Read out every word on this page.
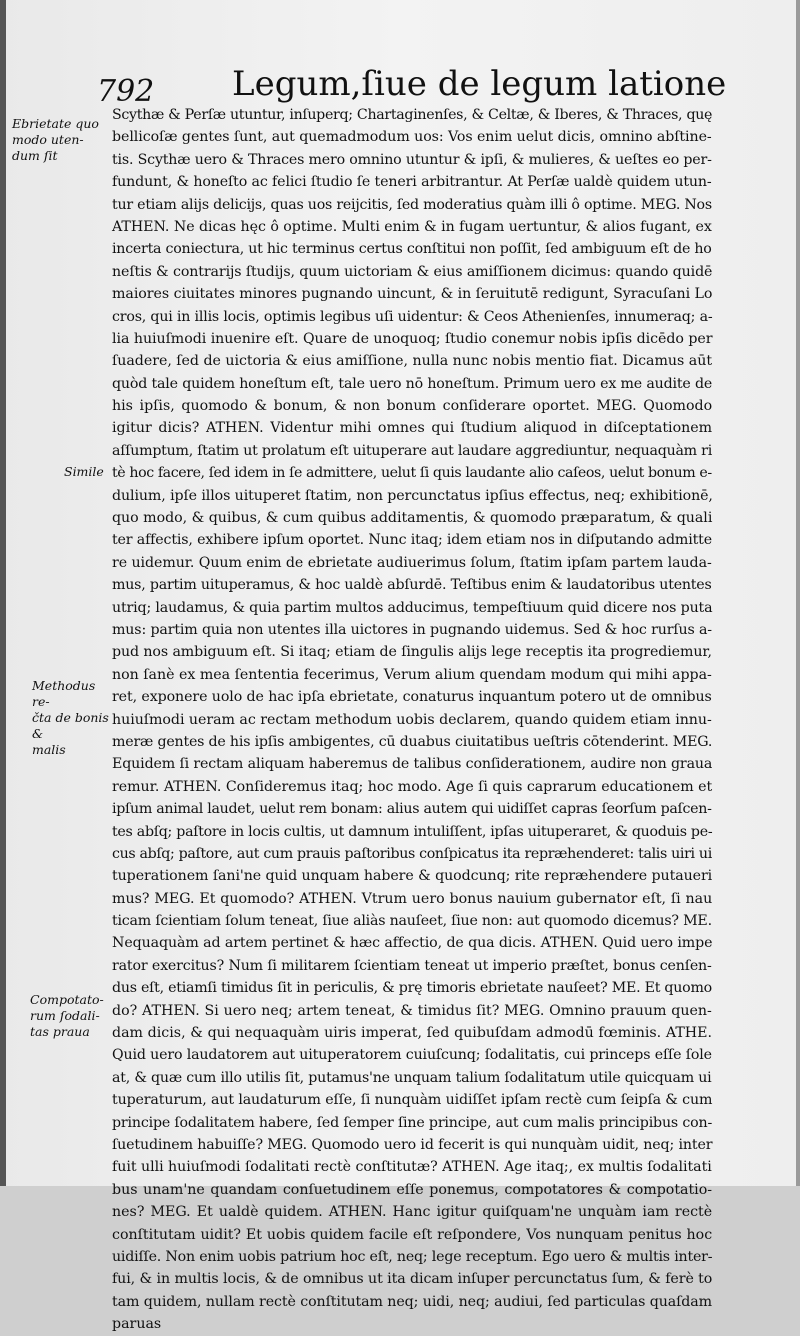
792 Legum,ſiue de legum latione
Ebrietate quo
modo uten-
dum ſit
Simile
Methodus re-
čta de bonis &
malis
Compotato-
rum ſodali-
tas praua
Scythæ & Perſæ utuntur, inſuperq; Chartaginenſes, & Celtæ, & Iberes, & Thraces, quę
bellicoſæ gentes ſunt, aut quemadmodum uos: Vos enim uelut dicis, omnino abſtine-
tis. Scythæ uero & Thraces mero omnino utuntur & ipſi, & mulieres, & ueſtes eo per-
fundunt, & honeſto ac felici ſtudio ſe teneri arbitrantur. At Perſæ ualdè quidem utun-
tur etiam alijs delicijs, quas uos reijcitis, ſed moderatius quàm illi ô optime. MEG. Nos
ATHEN. Ne dicas hęc ô optime. Multi enim & in fugam uertuntur, & alios fugant, ex
incerta coniectura, ut hic terminus certus conſtitui non poſſit, ſed ambiguum eſt de ho
neſtis & contrarijs ſtudijs, quum uictoriam & eius amiſſionem dicimus: quando quidē
maiores ciuitates minores pugnando uincunt, & in ſeruitutē redigunt, Syracuſani Lo
cros, qui in illis locis, optimis legibus uſi uidentur: & Ceos Athenienſes, innumeraq; a-
lia huiuſmodi inuenire eſt. Quare de unoquoq; ſtudio conemur nobis ipſis dicēdo per
ſuadere, ſed de uictoria & eius amiſſione, nulla nunc nobis mentio fiat. Dicamus aūt
quòd tale quidem honeſtum eſt, tale uero nō honeſtum. Primum uero ex me audite de
his ipſis, quomodo & bonum, & non bonum conſiderare oportet. MEG. Quomodo
igitur dicis? ATHEN. Videntur mihi omnes qui ſtudium aliquod in diſceptationem
aſſumptum, ſtatim ut prolatum eſt uituperare aut laudare aggrediuntur, nequaquàm ri
tè hoc facere, ſed idem in ſe admittere, uelut ſi quis laudante alio caſeos, uelut bonum e-
dulium, ipſe illos uituperet ſtatim, non percunctatus ipſius effectus, neq; exhibitionē,
quo modo, & quibus, & cum quibus additamentis, & quomodo præparatum, & quali
ter affectis, exhibere ipſum oportet. Nunc itaq; idem etiam nos in diſputando admitte
re uidemur. Quum enim de ebrietate audiuerimus ſolum, ſtatim ipſam partem lauda-
mus, partim uituperamus, & hoc ualdè abſurdē. Teſtibus enim & laudatoribus utentes
utriq; laudamus, & quia partim multos adducimus, tempeſtiuum quid dicere nos puta
mus: partim quia non utentes illa uictores in pugnando uidemus. Sed & hoc rurſus a-
pud nos ambiguum eſt. Si itaq; etiam de ſingulis alijs lege receptis ita progrediemur,
non ſanè ex mea ſententia fecerimus, Verum alium quendam modum qui mihi appa-
ret, exponere uolo de hac ipſa ebrietate, conaturus inquantum potero ut de omnibus
huiuſmodi ueram ac rectam methodum uobis declarem, quando quidem etiam innu-
meræ gentes de his ipſis ambigentes, cū duabus ciuitatibus ueſtris cōtenderint. MEG.
Equidem ſi rectam aliquam haberemus de talibus conſiderationem, audire non graua
remur. ATHEN. Conſideremus itaq; hoc modo. Age ſi quis caprarum educationem et
ipſum animal laudet, uelut rem bonam: alius autem qui uidiſſet capras ſeorſum paſcen-
tes abſq; paſtore in locis cultis, ut damnum intuliſſent, ipſas uituperaret, & quoduis pe-
cus abſq; paſtore, aut cum prauis paſtoribus conſpicatus ita repræhenderet: talis uiri ui
tuperationem ſani'ne quid unquam habere & quodcunq; rite repræhendere putaueri
mus? MEG. Et quomodo? ATHEN. Vtrum uero bonus nauium gubernator eſt, ſi nau
ticam ſcientiam ſolum teneat, ſiue aliàs nauſeet, ſiue non: aut quomodo dicemus? ME.
Nequaquàm ad artem pertinet & hæc affectio, de qua dicis. ATHEN. Quid uero impe
rator exercitus? Num ſi militarem ſcientiam teneat ut imperio præſtet, bonus cenſen-
dus eſt, etiamſi timidus ſit in periculis, & prę timoris ebrietate nauſeet? ME. Et quomo
do? ATHEN. Si uero neq; artem teneat, & timidus ſit? MEG. Omnino prauum quen-
dam dicis, & qui nequaquàm uiris imperat, ſed quibuſdam admodū fœminis. ATHE.
Quid uero laudatorem aut uituperatorem cuiuſcunq; ſodalitatis, cui princeps eſſe ſole
at, & quæ cum illo utilis ſit, putamus'ne unquam talium ſodalitatum utile quicquam ui
tuperaturum, aut laudaturum eſſe, ſi nunquàm uidiſſet ipſam rectè cum ſeipſa & cum
principe ſodalitatem habere, ſed ſemper ſine principe, aut cum malis principibus con-
ſuetudinem habuiſſe? MEG. Quomodo uero id fecerit is qui nunquàm uidit, neq; inter
fuit ulli huiuſmodi ſodalitati rectè conſtitutæ? ATHEN. Age itaq;, ex multis ſodalitati
bus unam'ne quandam conſuetudinem eſſe ponemus, compotatores & compotatio-
nes? MEG. Et ualdè quidem. ATHEN. Hanc igitur quiſquam'ne unquàm iam rectè
conſtitutam uidit? Et uobis quidem facile eſt reſpondere, Vos nunquam penitus hoc
uidiſſe. Non enim uobis patrium hoc eſt, neq; lege receptum. Ego uero & multis inter-
fui, & in multis locis, & de omnibus ut ita dicam inſuper percunctatus ſum, & ferè to
tam quidem, nullam rectè conſtitutam neq; uidi, neq; audiui, ſed particulas quaſdam
paruas
